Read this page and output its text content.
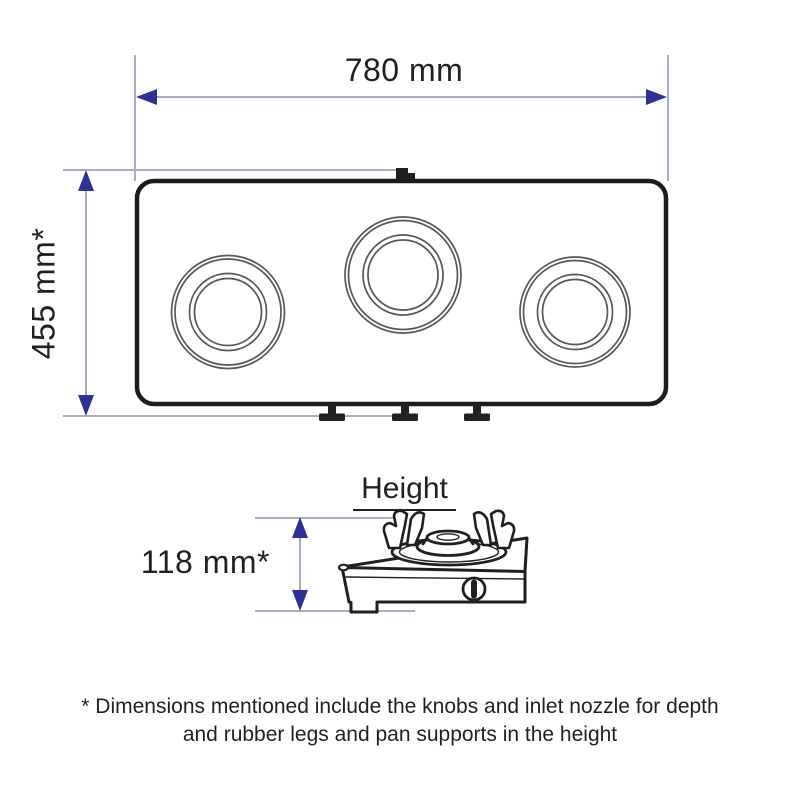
780 mm
455 mm*
Height
118 mm*
* Dimensions mentioned include the knobs and inlet nozzle for depth
and rubber legs and pan supports in the height
